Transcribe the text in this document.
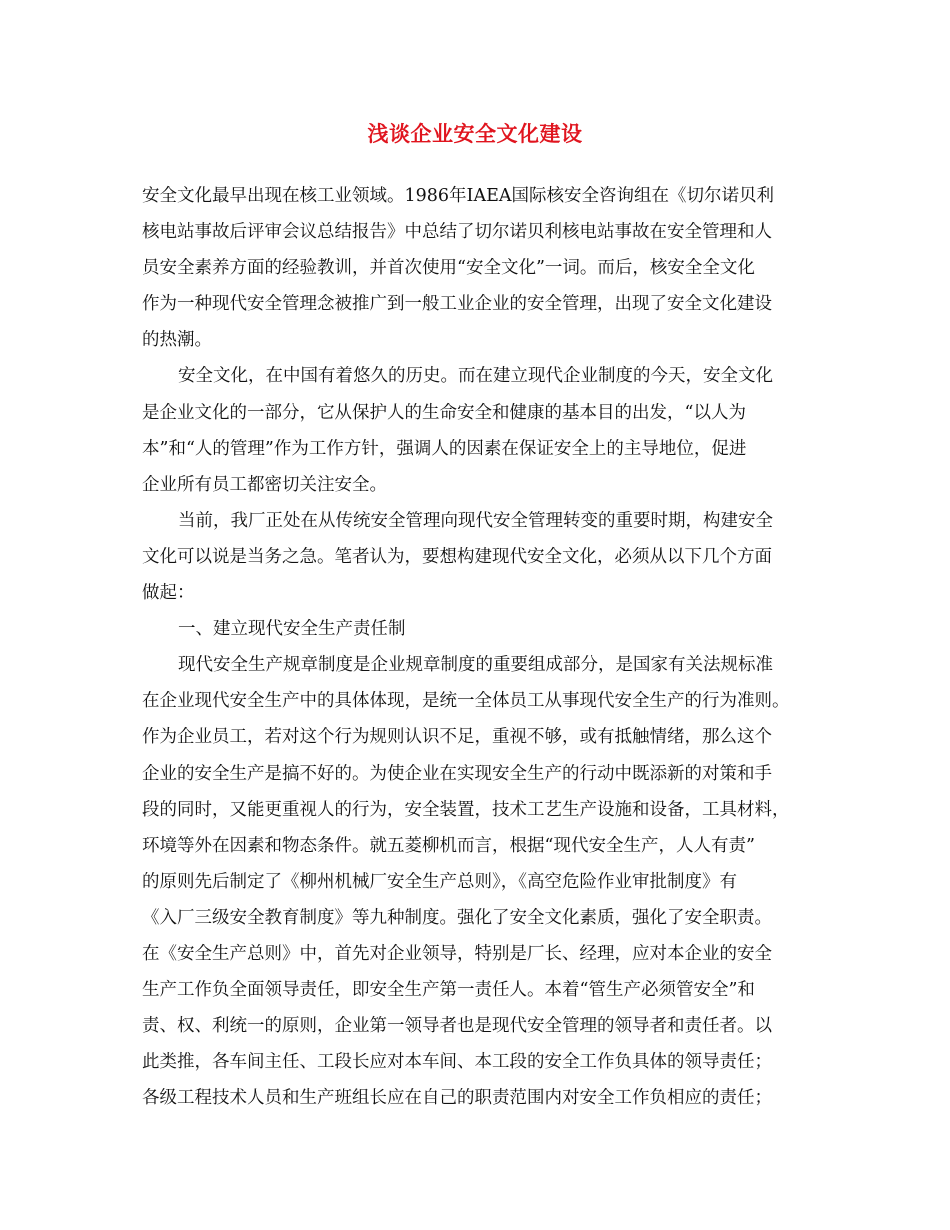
浅谈企业安全文化建设
安全文化最早出现在核工业领域。1986年IAEA国际核安全咨询组在《切尔诺贝利
核电站事故后评审会议总结报告》中总结了切尔诺贝利核电站事故在安全管理和人
员安全素养方面的经验教训，并首次使用“安全文化”一词。而后，核安全全文化
作为一种现代安全管理念被推广到一般工业企业的安全管理，出现了安全文化建设
的热潮。
安全文化，在中国有着悠久的历史。而在建立现代企业制度的今天，安全文化
是企业文化的一部分，它从保护人的生命安全和健康的基本目的出发，“以人为
本”和“人的管理”作为工作方针，强调人的因素在保证安全上的主导地位，促进
企业所有员工都密切关注安全。
当前，我厂正处在从传统安全管理向现代安全管理转变的重要时期，构建安全
文化可以说是当务之急。笔者认为，要想构建现代安全文化，必须从以下几个方面
做起：
一、建立现代安全生产责任制
现代安全生产规章制度是企业规章制度的重要组成部分，是国家有关法规标准
在企业现代安全生产中的具体体现，是统一全体员工从事现代安全生产的行为准则。
作为企业员工，若对这个行为规则认识不足，重视不够，或有抵触情绪，那么这个
企业的安全生产是搞不好的。为使企业在实现安全生产的行动中既添新的对策和手
段的同时，又能更重视人的行为，安全装置，技术工艺生产设施和设备，工具材料，
环境等外在因素和物态条件。就五菱柳机而言，根据“现代安全生产，人人有责”
的原则先后制定了《柳州机械厂安全生产总则》，《高空危险作业审批制度》有
《入厂三级安全教育制度》等九种制度。强化了安全文化素质，强化了安全职责。
在《安全生产总则》中，首先对企业领导，特别是厂长、经理，应对本企业的安全
生产工作负全面领导责任，即安全生产第一责任人。本着“管生产必须管安全”和
责、权、利统一的原则，企业第一领导者也是现代安全管理的领导者和责任者。以
此类推，各车间主任、工段长应对本车间、本工段的安全工作负具体的领导责任；
各级工程技术人员和生产班组长应在自己的职责范围内对安全工作负相应的责任；
